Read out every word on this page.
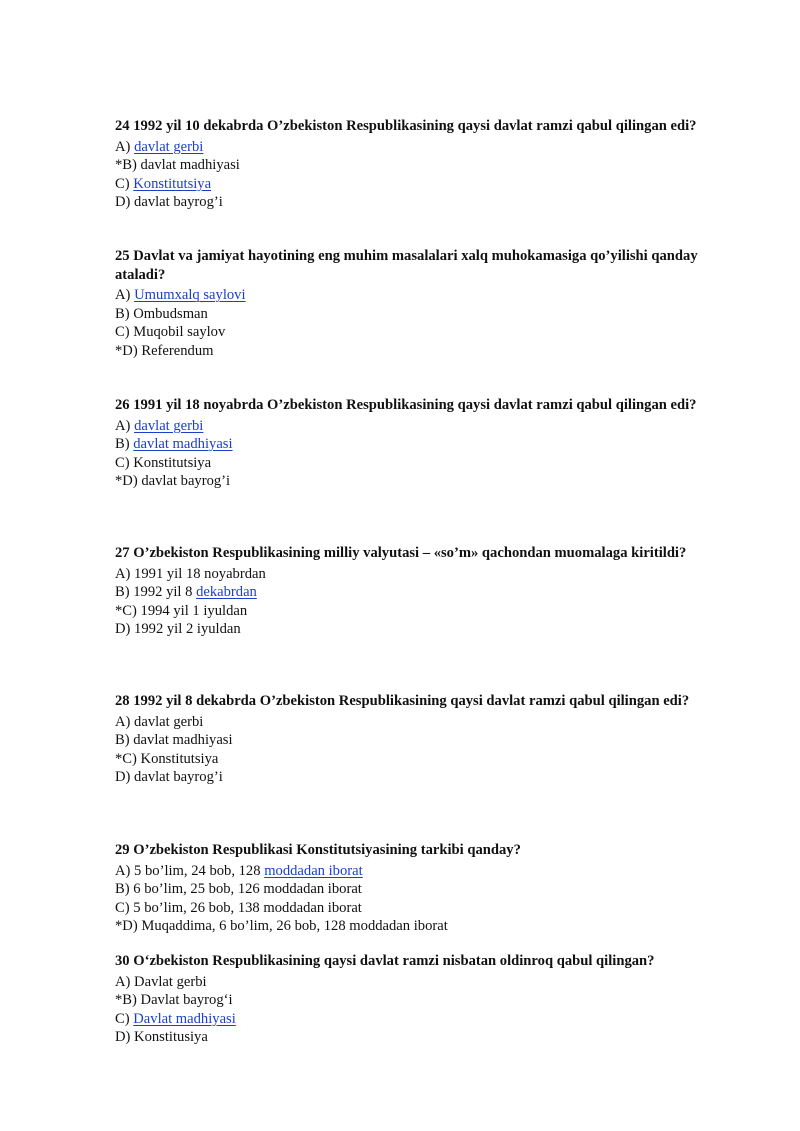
24 1992 yil 10 dekabrda O’zbekiston Respublikasining qaysi davlat ramzi qabul qilingan edi?
A) davlat gerbi
*B) davlat madhiyasi
C) Konstitutsiya
D) davlat bayrog’i
25 Davlat va jamiyat hayotining eng muhim masalalari xalq muhokamasiga qo’yilishi qanday ataladi?
A) Umumxalq saylovi
B) Ombudsman
C) Muqobil saylov
*D) Referendum
26 1991 yil 18 noyabrda O’zbekiston Respublikasining qaysi davlat ramzi qabul qilingan edi?
A) davlat gerbi
B) davlat madhiyasi
C) Konstitutsiya
*D) davlat bayrog’i
27 O’zbekiston Respublikasining milliy valyutasi – «so’m» qachondan muomalaga kiritildi?
A) 1991 yil 18 noyabrdan
B) 1992 yil 8 dekabrdan
*C) 1994 yil 1 iyuldan
D) 1992 yil 2 iyuldan
28 1992 yil 8 dekabrda O’zbekiston Respublikasining qaysi davlat ramzi qabul qilingan edi?
A) davlat gerbi
B) davlat madhiyasi
*C) Konstitutsiya
D) davlat bayrog’i
29 O’zbekiston Respublikasi Konstitutsiyasining tarkibi qanday?
A) 5 bo’lim, 24 bob, 128 moddadan iborat
B) 6 bo’lim, 25 bob, 126 moddadan iborat
C) 5 bo’lim, 26 bob, 138 moddadan iborat
*D) Muqaddima, 6 bo’lim, 26 bob, 128 moddadan iborat
30 O‘zbekiston Respublikasining qaysi davlat ramzi nisbatan oldinroq qabul qilingan?
A) Davlat gerbi
*B) Davlat bayrog‘i
C) Davlat madhiyasi
D) Konstitusiya
